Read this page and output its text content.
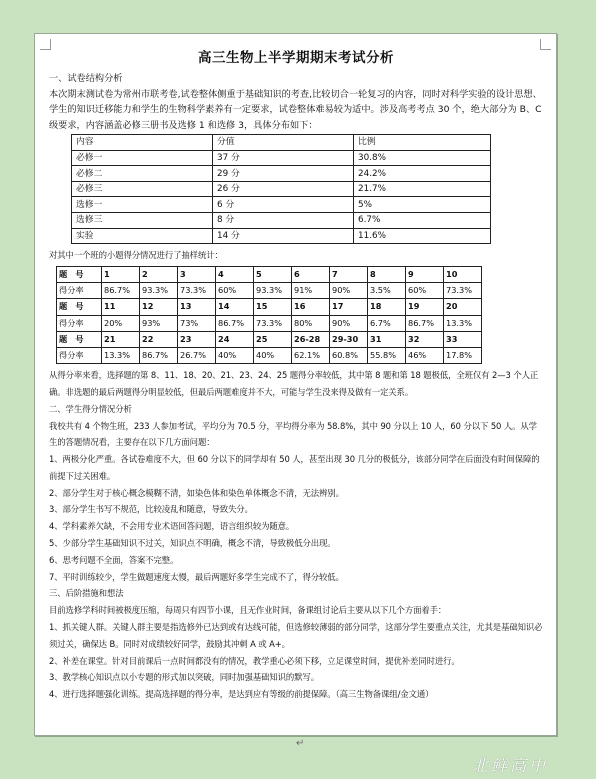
高三生物上半学期期末考试分析

一、试卷结构分析

本次期末测试卷为常州市联考卷,试卷整体侧重于基础知识的考查,比较切合一轮复习的内容，同时对科学实验的设计思想、学生的知识迁移能力和学生的生物科学素养有一定要求，试卷整体难易较为适中。涉及高考考点 30 个，绝大部分为 B、C 级要求，内容涵盖必修三册书及选修 1 和选修 3，具体分布如下：

内容	分值	比例
必修一	37 分	30.8%
必修二	29 分	24.2%
必修三	26 分	21.7%
选修一	6 分	5%
选修三	8 分	6.7%
实验	14 分	11.6%

对其中一个班的小题得分情况进行了抽样统计：

题　号	1	2	3	4	5	6	7	8	9	10
得分率	86.7%	93.3%	73.3%	60%	93.3%	91%	90%	3.5%	60%	73.3%
题　号	11	12	13	14	15	16	17	18	19	20
得分率	20%	93%	73%	86.7%	73.3%	80%	90%	6.7%	86.7%	13.3%
题　号	21	22	23	24	25	26-28	29-30	31	32	33
得分率	13.3%	86.7%	26.7%	40%	40%	62.1%	60.8%	55.8%	46%	17.8%

从得分率来看，选择题的第 8、11、18、20、21、23、24、25 题得分率较低，其中第 8 题和第 18 题极低，全班仅有 2—3 个人正确。非选题的最后两题得分明显较低，但最后两题难度并不大，可能与学生没来得及做有一定关系。

二、学生得分情况分析

我校共有 4 个物生班，233 人参加考试，平均分为 70.5 分，平均得分率为 58.8%，其中 90 分以上 10 人，60 分以下 50 人。从学生的答题情况看，主要存在以下几方面问题：

1、两极分化严重。各试卷难度不大，但 60 分以下的同学却有 50 人，甚至出现 30 几分的极低分，该部分同学在后面没有时间保障的前提下过关困难。

2、部分学生对于核心概念模糊不清，如染色体和染色单体概念不清，无法辨别。

3、部分学生书写不规范，比较凌乱和随意，导致失分。

4、学科素养欠缺，不会用专业术语回答问题，语言组织较为随意。

5、少部分学生基础知识不过关，知识点不明确，概念不清，导致极低分出现。

6、思考问题不全面，答案不完整。

7、平时训练较少，学生做题速度太慢，最后两题好多学生完成不了，得分较低。

三、后阶措施和想法

目前选修学科时间被极度压缩，每周只有四节小课，且无作业时间，备课组讨论后主要从以下几个方面着手：

1、抓关键人群。关键人群主要是指选修外已达到或有达线可能，但选修较薄弱的部分同学，这部分学生要重点关注，尤其是基础知识必须过关，确保达 B。同时对成绩较好同学，鼓励其冲刺 A 或 A+。

2、补差在课堂。针对目前课后一点时间都没有的情况，教学重心必须下移，立足课堂时间，提优补差同时进行。

3、教学核心知识点以小专题的形式加以突破，同时加强基础知识的默写。

4、进行选择题强化训练。提高选择题的得分率，是达到应有等级的前提保障。（高三生物备课组/金文通）

↵
北鲜高中
